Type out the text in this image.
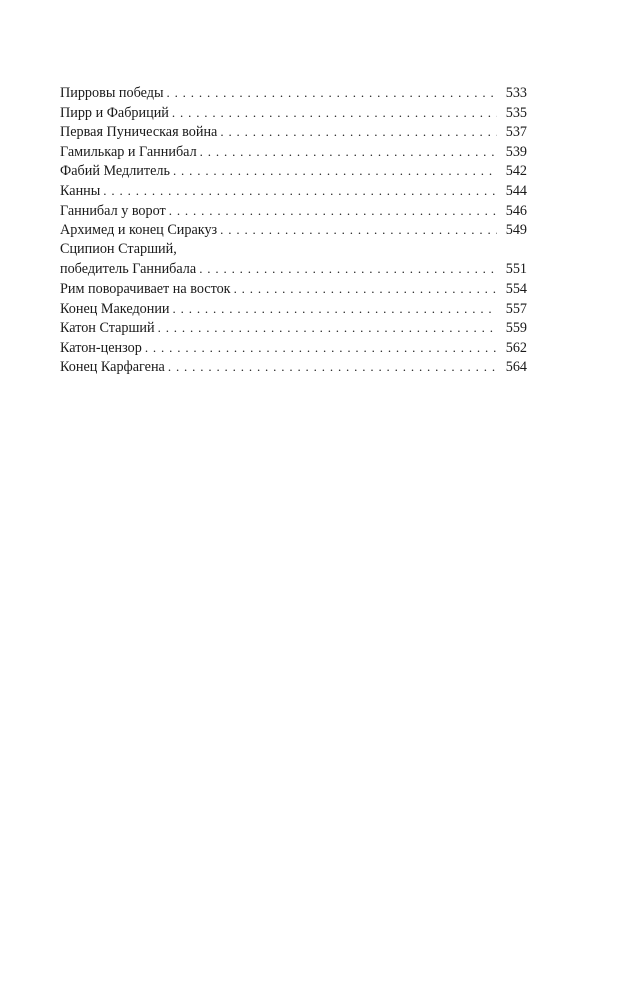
Пирровы победы . . .	533
Пирр и Фабриций . . .	535
Первая Пуническая война . . .	537
Гамилькар и Ганнибал . . .	539
Фабий Медлитель . . .	542
Канны . . .	544
Ганнибал у ворот . . .	546
Архимед и конец Сиракуз . . .	549
Сципион Старший,
победитель Ганнибала . . .	551
Рим поворачивает на восток . . .	554
Конец Македонии . . .	557
Катон Старший . . .	559
Катон-цензор . . .	562
Конец Карфагена . . .	564
